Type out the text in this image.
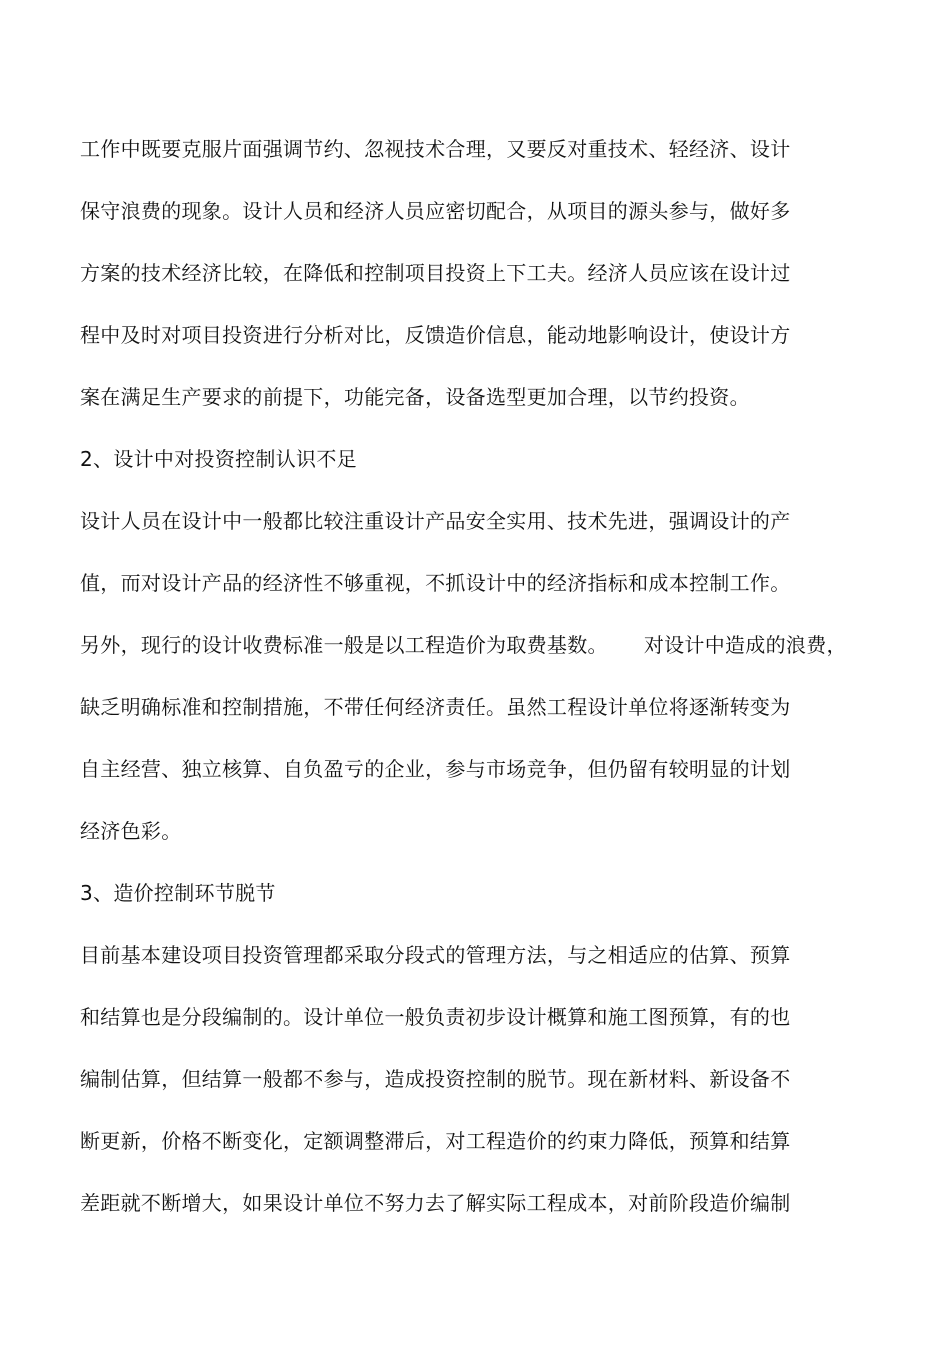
工作中既要克服片面强调节约、忽视技术合理，又要反对重技术、轻经济、设计
保守浪费的现象。设计人员和经济人员应密切配合，从项目的源头参与，做好多
方案的技术经济比较，在降低和控制项目投资上下工夫。经济人员应该在设计过
程中及时对项目投资进行分析对比，反馈造价信息，能动地影响设计，使设计方
案在满足生产要求的前提下，功能完备，设备选型更加合理，以节约投资。
2、设计中对投资控制认识不足
设计人员在设计中一般都比较注重设计产品安全实用、技术先进，强调设计的产
值，而对设计产品的经济性不够重视，不抓设计中的经济指标和成本控制工作。
另外，现行的设计收费标准一般是以工程造价为取费基数。 对设计中造成的浪费，
缺乏明确标准和控制措施，不带任何经济责任。虽然工程设计单位将逐渐转变为
自主经营、独立核算、自负盈亏的企业，参与市场竞争，但仍留有较明显的计划
经济色彩。
3、造价控制环节脱节
目前基本建设项目投资管理都采取分段式的管理方法，与之相适应的估算、预算
和结算也是分段编制的。设计单位一般负责初步设计概算和施工图预算，有的也
编制估算，但结算一般都不参与，造成投资控制的脱节。现在新材料、新设备不
断更新，价格不断变化，定额调整滞后，对工程造价的约束力降低，预算和结算
差距就不断增大，如果设计单位不努力去了解实际工程成本，对前阶段造价编制
